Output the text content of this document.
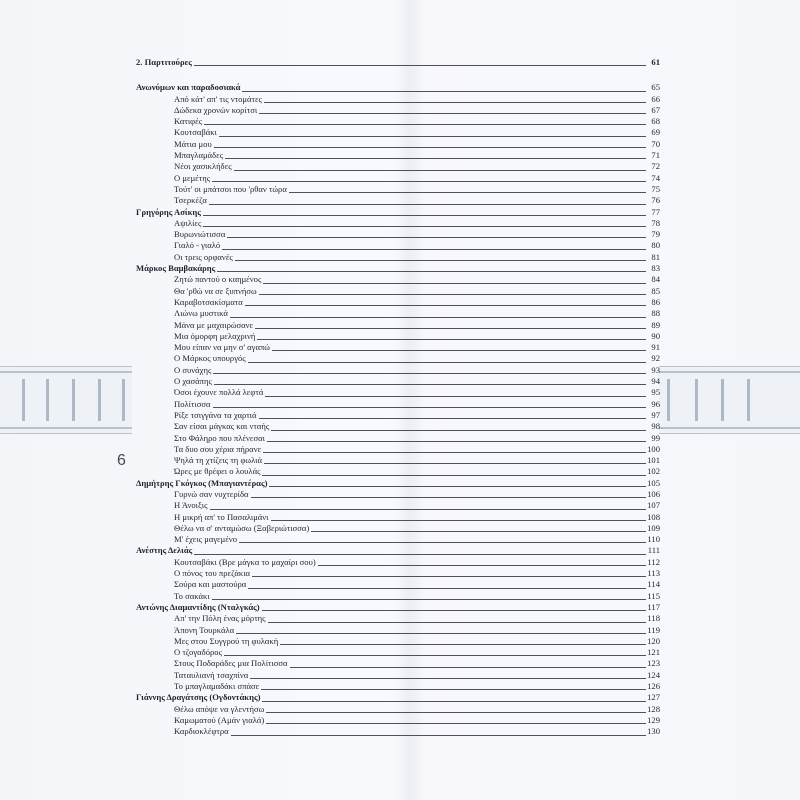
6
2. Παρτιτούρες	61
Ανωνύμων και παραδοσιακά	65
Από κάτ' απ' τις ντομάτες	66
Δώδεκα χρονών κορίτσι	67
Κατιφές	68
Κουτσαβάκι	69
Μάτια μου	70
Μπαγλαμάδες	71
Νέοι χασικλήδες	72
Ο μεμέτης	74
Τούτ' οι μπάτσοι που 'ρθαν τώρα	75
Τσερκέζα	76
Γρηγόρης Ασίκης	77
Αψιλίες	78
Βυρωνιώτισσα	79
Γιαλό - γιαλό	80
Οι τρεις ορφανές	81
Μάρκος Βαμβακάρης	83
Ζητώ παντού ο καημένος	84
Θα 'ρθώ να σε ξυπνήσω	85
Καραβοτσακίσματα	86
Λιώνω μυστικά	88
Μάνα με μαχαιρώσανε	89
Μια όμορφη μελαχρινή	90
Μου είπαν να μην σ' αγαπώ	91
Ο Μάρκος υπουργός	92
Ο συνάχης	93
Ο χασάπης	94
Όσοι έχουνε πολλά λεφτά	95
Πολίτισσα	96
Ρίξε τσιγγάνα τα χαρτιά	97
Σαν είσαι μάγκας και νταής	98
Στο Φάληρο που πλένεσαι	99
Τα δυο σου χέρια πήρανε	100
Ψηλά τη χτίζεις τη φωλιά	101
Ώρες με θρέφει ο λουλάς	102
Δημήτρης Γκόγκος (Μπαγιαντέρας)	105
Γυρνώ σαν νυχτερίδα	106
Η Άνοιξις	107
Η μικρή απ' το Πασαλιμάνι	108
Θέλω να σ' ανταμώσω (Ξαβεριώτισσα)	109
Μ' έχεις μαγεμένο	110
Ανέστης Δελιάς	111
Κουτσαβάκι (Βρε μάγκα το μαχαίρι σου)	112
Ο πόνος του πρεζάκια	113
Σούρα και μαστούρα	114
Το σακάκι	115
Αντώνης Διαμαντίδης (Νταλγκάς)	117
Απ' την Πόλη ένας μόρτης	118
Άπονη Τουρκάλα	119
Μες στου Συγγρού τη φυλακή	120
Ο τζογαδόρος	121
Στους Ποδαράδες μια Πολίτισσα	123
Ταταυλιανή τσαχπίνα	124
Το μπαγλαμαδάκι σπάσε	126
Γιάννης Δραγάτσης (Ογδοντάκης)	127
Θέλω απόψε να γλεντήσω	128
Καμωματού (Αμάν γιαλά)	129
Καρδιοκλέφτρα	130
